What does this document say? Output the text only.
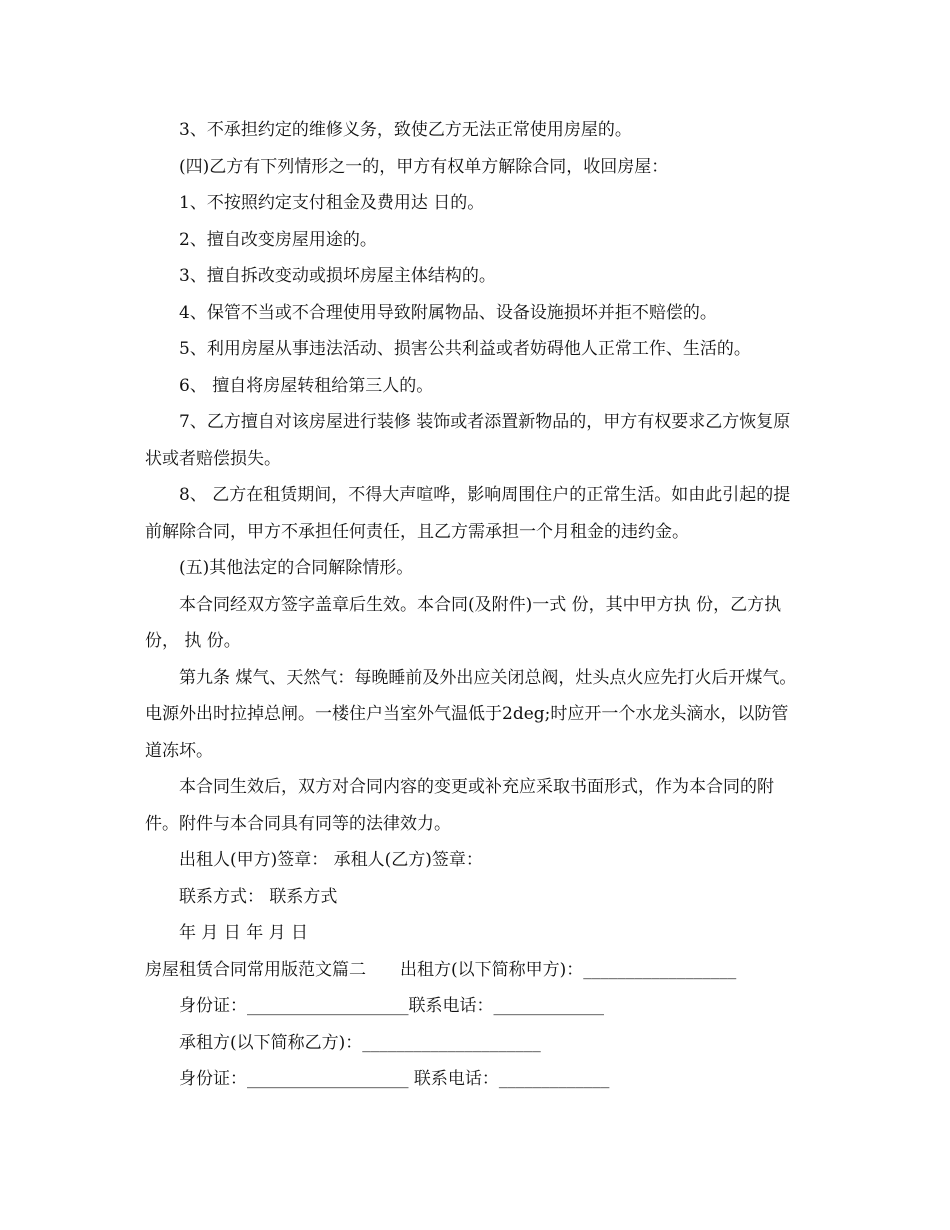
3、不承担约定的维修义务，致使乙方无法正常使用房屋的。

(四)乙方有下列情形之一的，甲方有权单方解除合同，收回房屋：

1、不按照约定支付租金及费用达 日的。

2、擅自改变房屋用途的。

3、擅自拆改变动或损坏房屋主体结构的。

4、保管不当或不合理使用导致附属物品、设备设施损坏并拒不赔偿的。

5、利用房屋从事违法活动、损害公共利益或者妨碍他人正常工作、生活的。

6、 擅自将房屋转租给第三人的。

7、乙方擅自对该房屋进行装修 装饰或者添置新物品的，甲方有权要求乙方恢复原状或者赔偿损失。

8、 乙方在租赁期间，不得大声喧哗，影响周围住户的正常生活。如由此引起的提前解除合同，甲方不承担任何责任，且乙方需承担一个月租金的违约金。

(五)其他法定的合同解除情形。

本合同经双方签字盖章后生效。本合同(及附件)一式 份，其中甲方执 份，乙方执 份， 执 份。

第九条 煤气、天然气：每晚睡前及外出应关闭总阀，灶头点火应先打火后开煤气。电源外出时拉掉总闸。一楼住户当室外气温低于2deg;时应开一个水龙头滴水，以防管道冻坏。

本合同生效后，双方对合同内容的变更或补充应采取书面形式，作为本合同的附件。附件与本合同具有同等的法律效力。

出租人(甲方)签章： 承租人(乙方)签章：

联系方式： 联系方式

年 月 日 年 月 日

房屋租赁合同常用版范文篇二　　出租方(以下简称甲方)：__________________

身份证：___________________联系电话：_____________

承租方(以下简称乙方)：_____________________

身份证：___________________ 联系电话：_____________
